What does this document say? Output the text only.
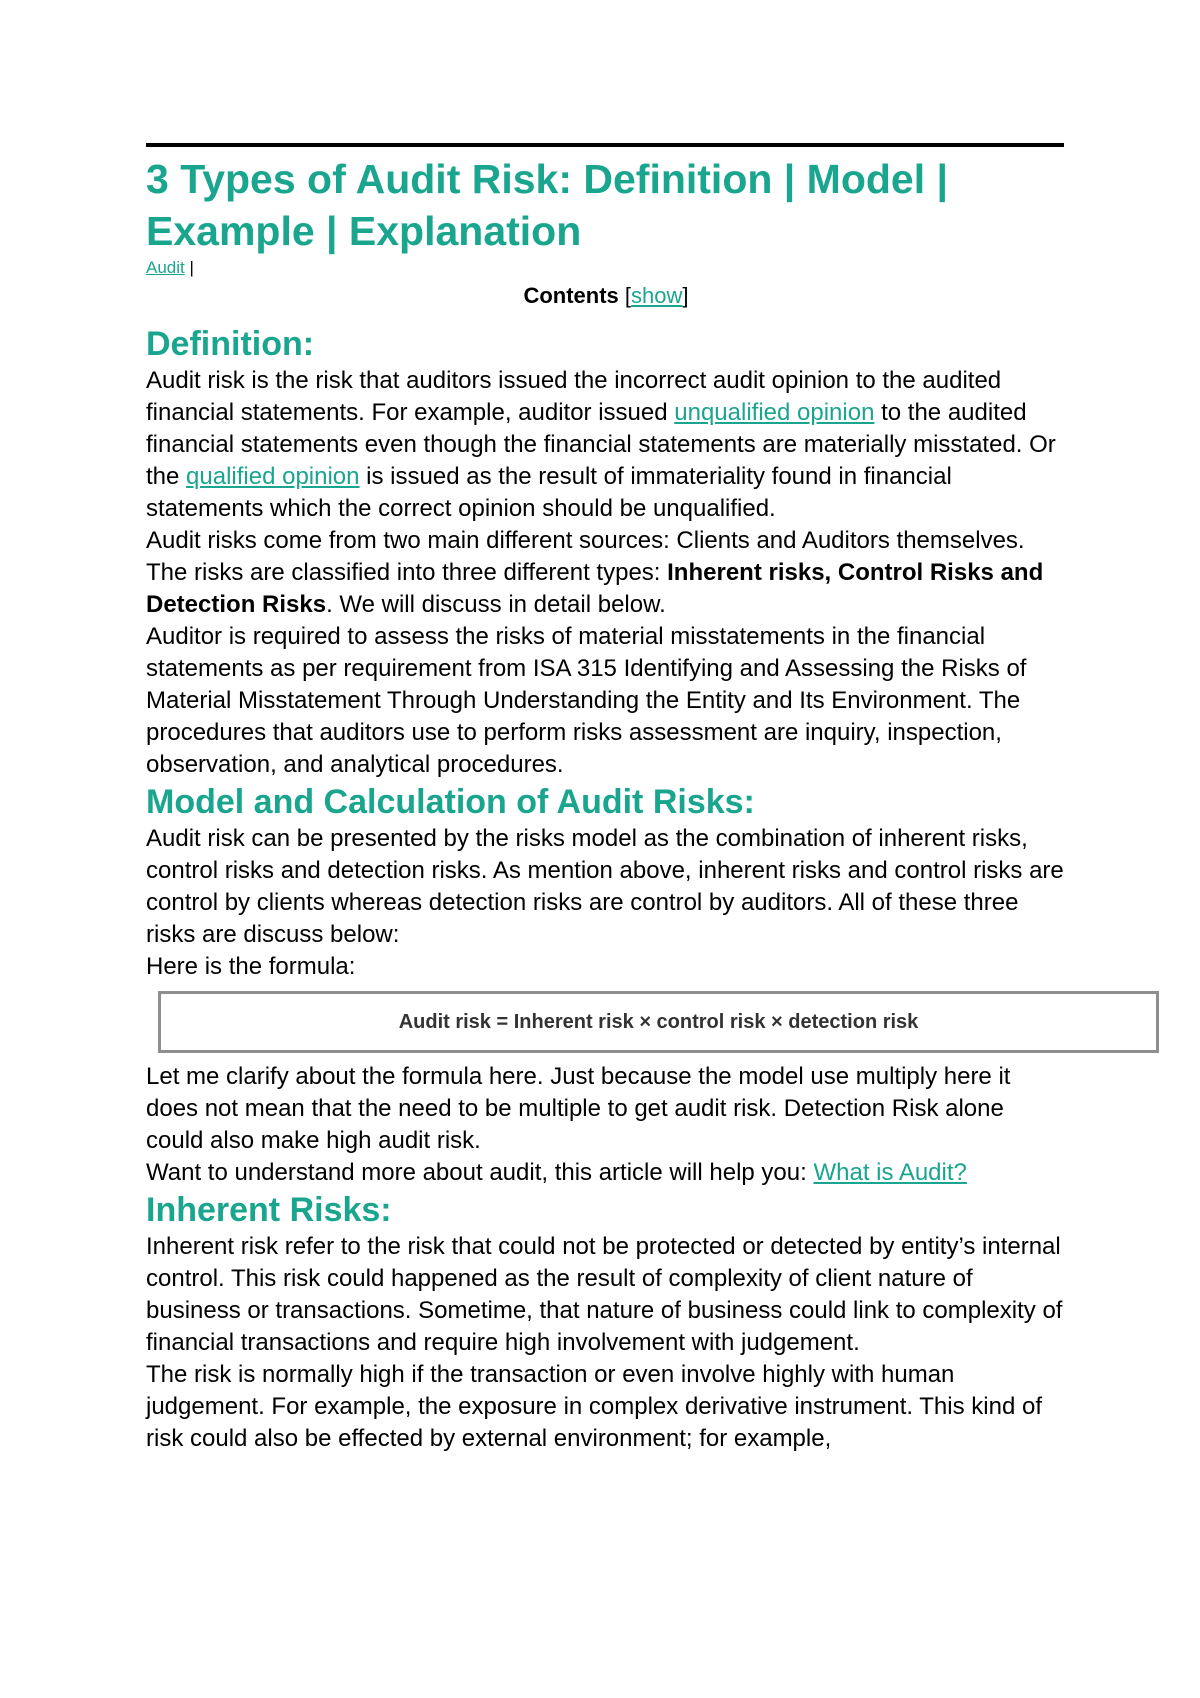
3 Types of Audit Risk: Definition | Model | Example | Explanation
Audit |
Contents [show]
Definition:

Audit risk is the risk that auditors issued the incorrect audit opinion to the audited financial statements. For example, auditor issued unqualified opinion to the audited financial statements even though the financial statements are materially misstated. Or the qualified opinion is issued as the result of immateriality found in financial statements which the correct opinion should be unqualified.

Audit risks come from two main different sources: Clients and Auditors themselves. The risks are classified into three different types: Inherent risks, Control Risks and Detection Risks. We will discuss in detail below.

Auditor is required to assess the risks of material misstatements in the financial statements as per requirement from ISA 315 Identifying and Assessing the Risks of Material Misstatement Through Understanding the Entity and Its Environment. The procedures that auditors use to perform risks assessment are inquiry, inspection, observation, and analytical procedures.

Model and Calculation of Audit Risks:

Audit risk can be presented by the risks model as the combination of inherent risks, control risks and detection risks. As mention above, inherent risks and control risks are control by clients whereas detection risks are control by auditors. All of these three risks are discuss below:

Here is the formula:

Audit risk = Inherent risk × control risk × detection risk

Let me clarify about the formula here. Just because the model use multiply here it does not mean that the need to be multiple to get audit risk. Detection Risk alone could also make high audit risk.

Want to understand more about audit, this article will help you: What is Audit?

Inherent Risks:

Inherent risk refer to the risk that could not be protected or detected by entity’s internal control. This risk could happened as the result of complexity of client nature of business or transactions. Sometime, that nature of business could link to complexity of financial transactions and require high involvement with judgement.

The risk is normally high if the transaction or even involve highly with human judgement. For example, the exposure in complex derivative instrument. This kind of risk could also be effected by external environment; for example,
